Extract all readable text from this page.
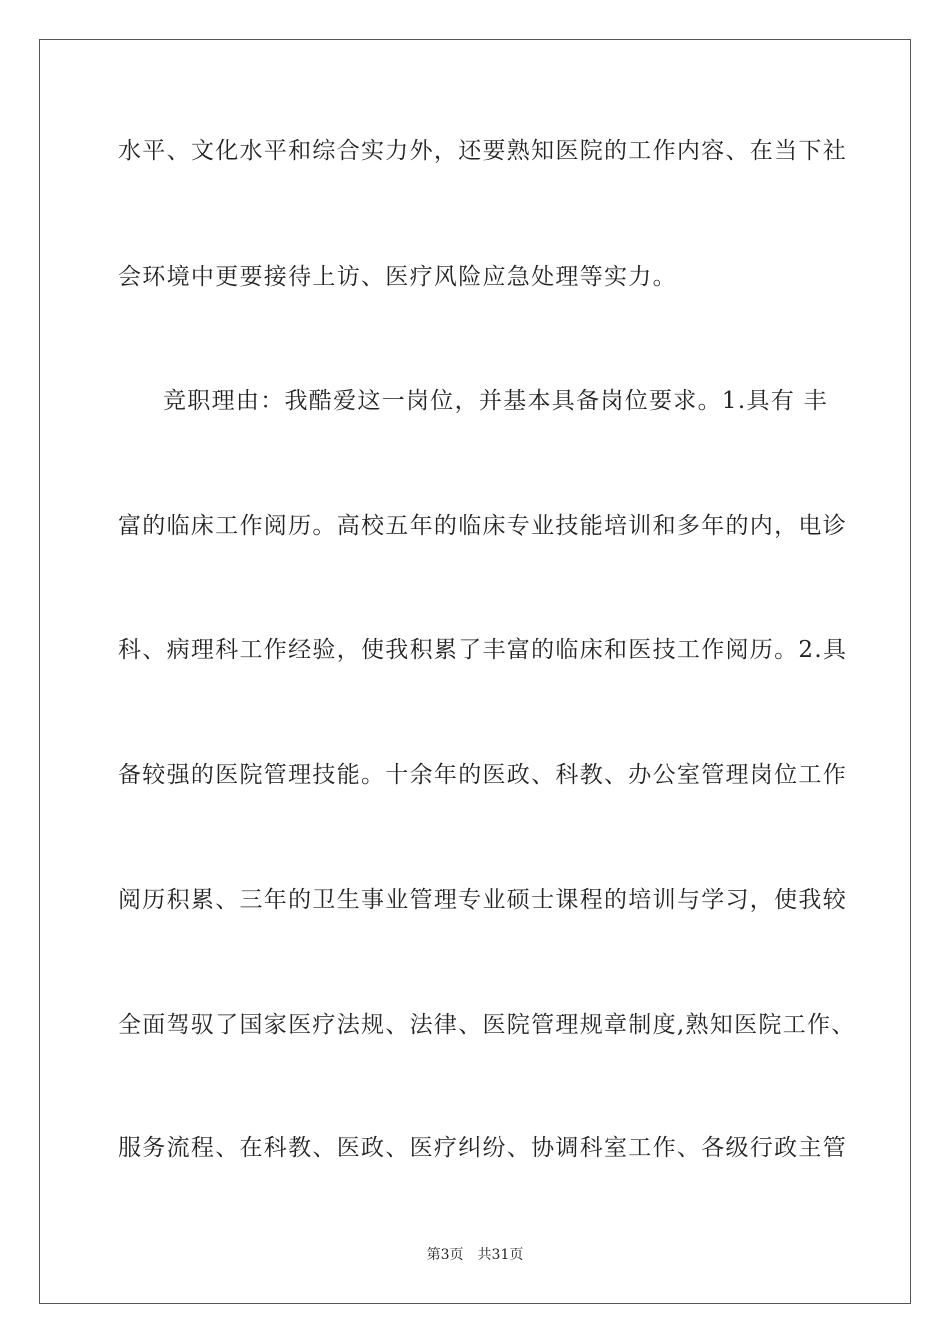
水平、文化水平和综合实力外，还要熟知医院的工作内容、在当下社
会环境中更要接待上访、医疗风险应急处理等实力。
竞职理由：我酷爱这一岗位，并基本具备岗位要求。1.具有 丰
富的临床工作阅历。高校五年的临床专业技能培训和多年的内，电诊
科、病理科工作经验，使我积累了丰富的临床和医技工作阅历。2.具
备较强的医院管理技能。十余年的医政、科教、办公室管理岗位工作
阅历积累、三年的卫生事业管理专业硕士课程的培训与学习，使我较
全面驾驭了国家医疗法规、法律、医院管理规章制度,熟知医院工作、
服务流程、在科教、医政、医疗纠纷、协调科室工作、各级行政主管
第3页 共31页
